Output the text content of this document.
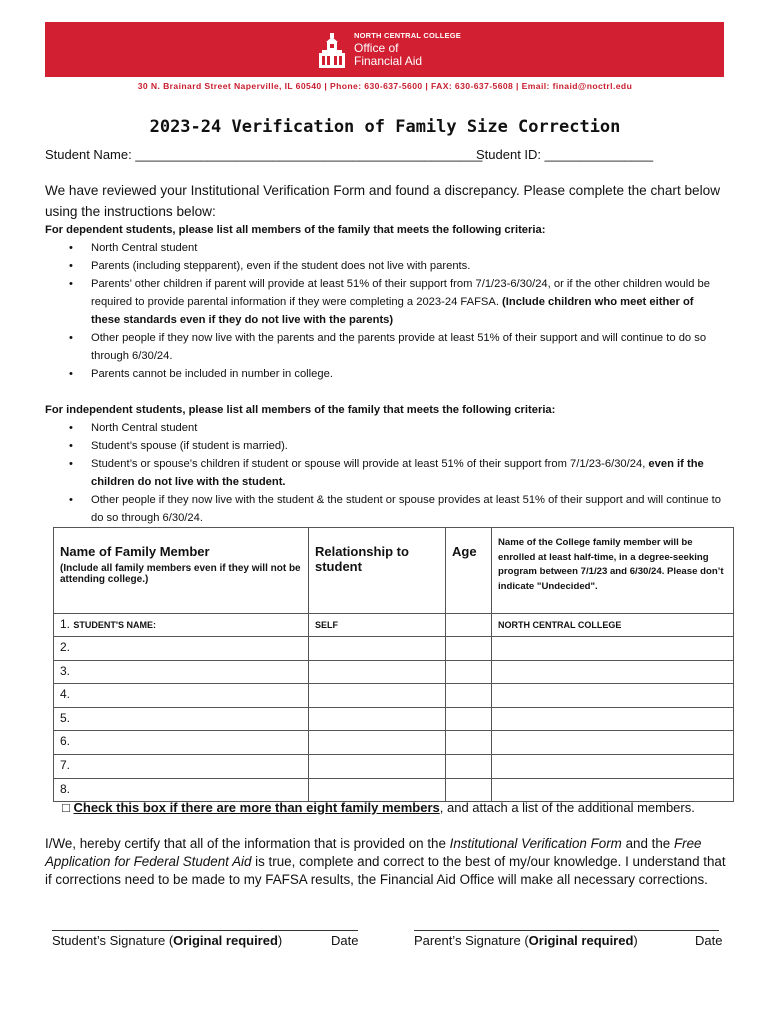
NORTH CENTRAL COLLEGE
Office of
Financial Aid
30 N. Brainard Street Naperville, IL 60540 | Phone: 630-637-5600 | FAX: 630-637-5608 | Email: finaid@noctrl.edu
2023-24 Verification of Family Size Correction
Student Name: ________________________________________________
Student ID: _______________
We have reviewed your Institutional Verification Form and found a discrepancy. Please complete the chart below using the instructions below:
For dependent students, please list all members of the family that meets the following criteria:
• North Central student
• Parents (including stepparent), even if the student does not live with parents.
• Parents’ other children if parent will provide at least 51% of their support from 7/1/23-6/30/24, or if the other children would be required to provide parental information if they were completing a 2023-24 FAFSA. (Include children who meet either of these standards even if they do not live with the parents)
• Other people if they now live with the parents and the parents provide at least 51% of their support and will continue to do so through 6/30/24.
• Parents cannot be included in number in college.
For independent students, please list all members of the family that meets the following criteria:
• North Central student
• Student’s spouse (if student is married).
• Student’s or spouse’s children if student or spouse will provide at least 51% of their support from 7/1/23-6/30/24, even if the children do not live with the student.
• Other people if they now live with the student & the student or spouse provides at least 51% of their support and will continue to do so through 6/30/24.
Name of Family Member
(Include all family members even if they will not be attending college.)	Relationship to student	Age	Name of the College family member will be enrolled at least half-time, in a degree-seeking program between 7/1/23 and 6/30/24. Please don’t indicate "Undecided".

1. STUDENT'S NAME:	SELF		NORTH CENTRAL COLLEGE
2.			
3.			
4.			
5.			
6.			
7.			
8.			
□ Check this box if there are more than eight family members, and attach a list of the additional members.
I/We, hereby certify that all of the information that is provided on the Institutional Verification Form and the Free Application for Federal Student Aid is true, complete and correct to the best of my/our knowledge. I understand that if corrections need to be made to my FAFSA results, the Financial Aid Office will make all necessary corrections.
Student’s Signature (Original required)	Date	Parent’s Signature (Original required)	Date
